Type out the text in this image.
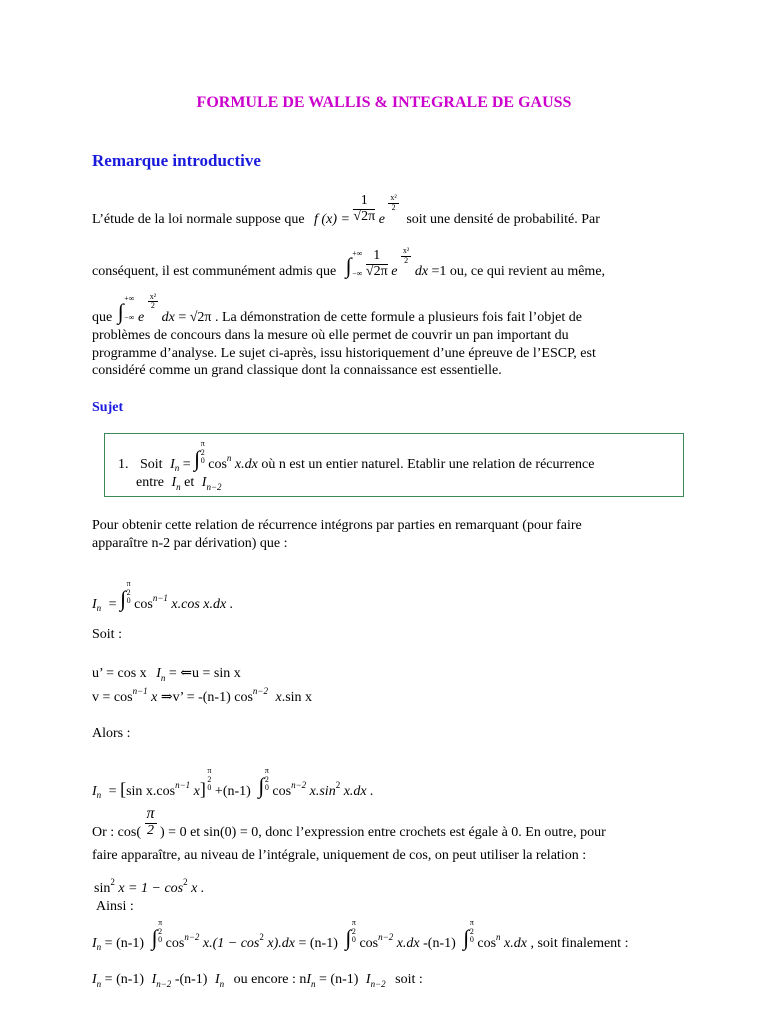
FORMULE DE WALLIS & INTEGRALE DE GAUSS
Remarque introductive
L’étude de la loi normale suppose que f $(x) = \frac{1}{√2\pi}$ e
$\frac{\text{x²}}{2}$
soit une densité de probabilité. Par
conséquent, il est communément admis que ∫
+∞
−∞
$\frac{1}{√2\pi}$ e
$\frac{\text{x²}}{2}$
dx =1 ou, ce qui revient au même,
que ∫
+∞
−∞ e
$\frac{\text{x²}}{2}$
dx = √2π . La démonstration de cette formule a plusieurs fois fait l’objet de
problèmes de concours dans la mesure où elle permet de couvrir un pan important du
programme d’analyse. Le sujet ci-après, issu historiquement d’une épreuve de l’ESCP, est
considéré comme un grand classique dont la connaissance est essentielle.
Sujet
1. Soit $I_n$ = ∫
π
2
0 $\cos_n x.dx$ où n est un entier naturel. Etablir une relation de récurrence
entre $I_n$ et $I_{n-2}$
Pour obtenir cette relation de récurrence intégrons par parties en remarquant (pour faire
apparaître n-2 par dérivation) que :
$I_n$ = ∫
π
2
0 $\cos_{n-1} x.\cos$ x.dx .
Soit :
u’ = cos x $I_n$ = ⇐u = sin x
$v = \cos^{n-1} x$ ⇒v’ = -(n-1) $\cos^{n-2} x.\sin$ x
Alors :
$I_n = [\sin$ $x.\cos_{n-1}$ x]
π
2
0 +(n-1) ∫
π
2
0 $\cos_{n-2} x.\sin_2$ x.dx .
Or : $\cos( \frac{\pi}{2}$ ) = 0 et sin(0) = 0, donc l’expression entre crochets est égale à 0. En outre, pour
faire apparaître, au niveau de l’intégrale, uniquement de cos, on peut utiliser la relation :
$\sin^2 x = 1 - \cos^2 x$ .
Ainsi :
$I_n = (n-1)$ ∫
π
2
0 $\cos_{n-2} x.(1 - \cos_2 x).dx = (n-1)$ ∫
π
2
0 $\cos_{n-2} x.dx$ -(n-1) ∫
π
2
0 $\cos_n x.dx$ , soit finalement :
$I_n = (n-1)$ $I_{n-2}$ -(n-1) $I_n$ ou encore : $nI_n = (n-1)$ $I_{n-2}$ soit :
